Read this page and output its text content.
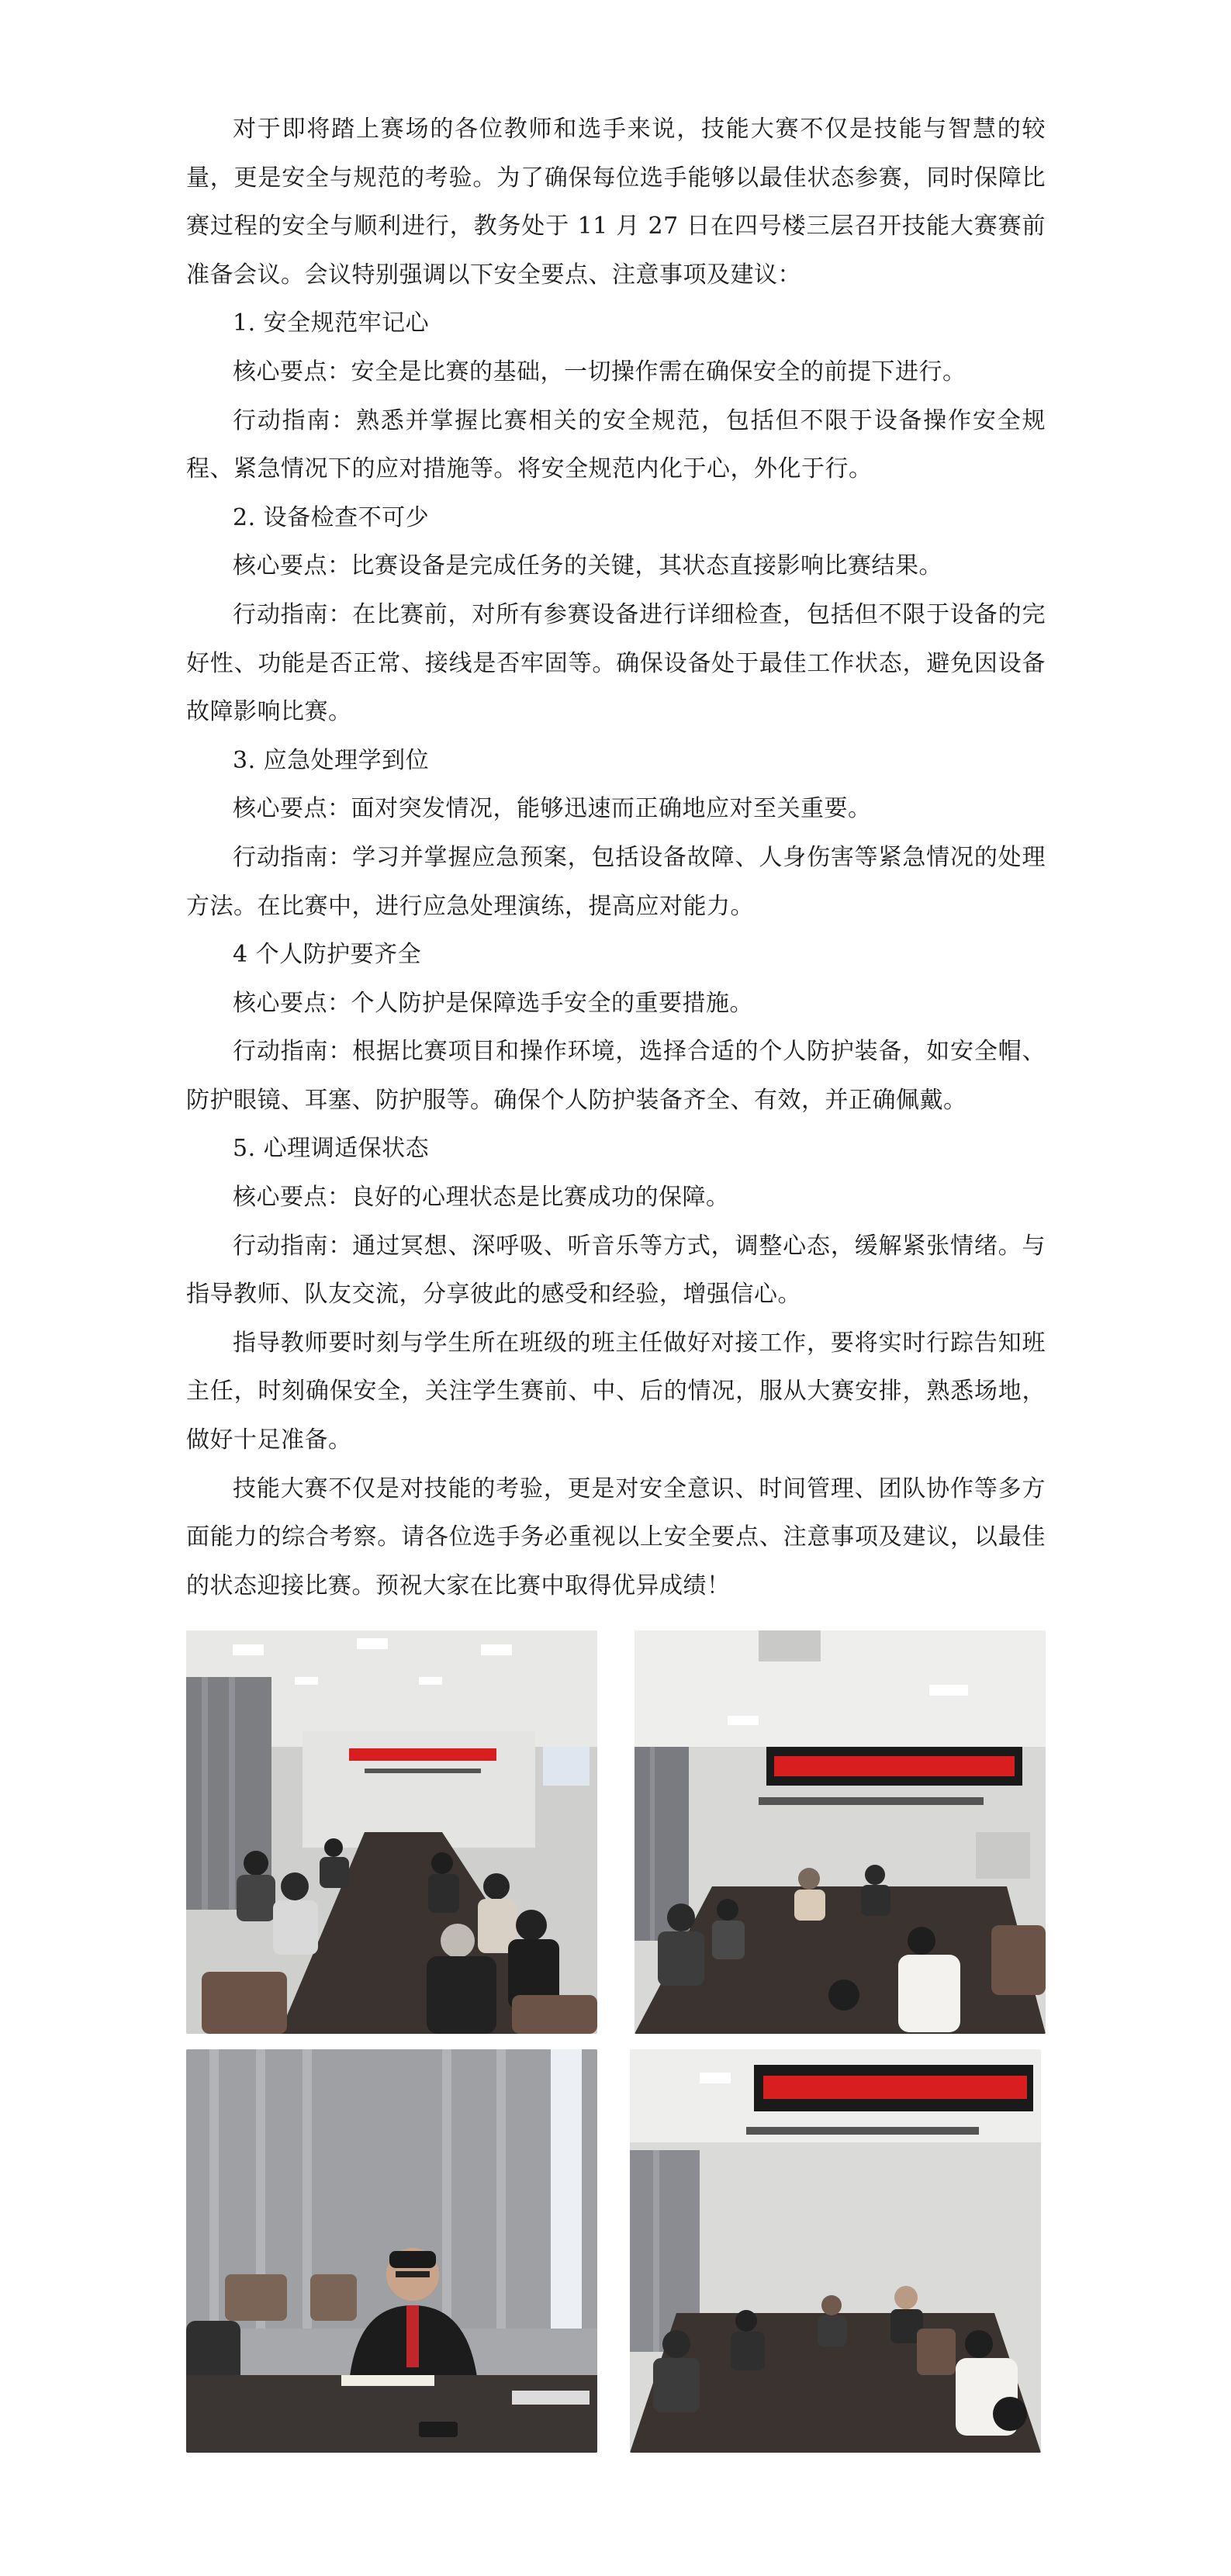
对于即将踏上赛场的各位教师和选手来说，技能大赛不仅是技能与智慧的较量，更是安全与规范的考验。为了确保每位选手能够以最佳状态参赛，同时保障比赛过程的安全与顺利进行，教务处于 11 月 27 日在四号楼三层召开技能大赛赛前准备会议。会议特别强调以下安全要点、注意事项及建议：

1. 安全规范牢记心

核心要点：安全是比赛的基础，一切操作需在确保安全的前提下进行。

行动指南：熟悉并掌握比赛相关的安全规范，包括但不限于设备操作安全规程、紧急情况下的应对措施等。将安全规范内化于心，外化于行。

2. 设备检查不可少

核心要点：比赛设备是完成任务的关键，其状态直接影响比赛结果。

行动指南：在比赛前，对所有参赛设备进行详细检查，包括但不限于设备的完好性、功能是否正常、接线是否牢固等。确保设备处于最佳工作状态，避免因设备故障影响比赛。

3. 应急处理学到位

核心要点：面对突发情况，能够迅速而正确地应对至关重要。

行动指南：学习并掌握应急预案，包括设备故障、人身伤害等紧急情况的处理方法。在比赛中，进行应急处理演练，提高应对能力。

4 个人防护要齐全

核心要点：个人防护是保障选手安全的重要措施。

行动指南：根据比赛项目和操作环境，选择合适的个人防护装备，如安全帽、防护眼镜、耳塞、防护服等。确保个人防护装备齐全、有效，并正确佩戴。

5. 心理调适保状态

核心要点：良好的心理状态是比赛成功的保障。

行动指南：通过冥想、深呼吸、听音乐等方式，调整心态，缓解紧张情绪。与指导教师、队友交流，分享彼此的感受和经验，增强信心。

指导教师要时刻与学生所在班级的班主任做好对接工作，要将实时行踪告知班主任，时刻确保安全，关注学生赛前、中、后的情况，服从大赛安排，熟悉场地，做好十足准备。

技能大赛不仅是对技能的考验，更是对安全意识、时间管理、团队协作等多方面能力的综合考察。请各位选手务必重视以上安全要点、注意事项及建议，以最佳的状态迎接比赛。预祝大家在比赛中取得优异成绩！
